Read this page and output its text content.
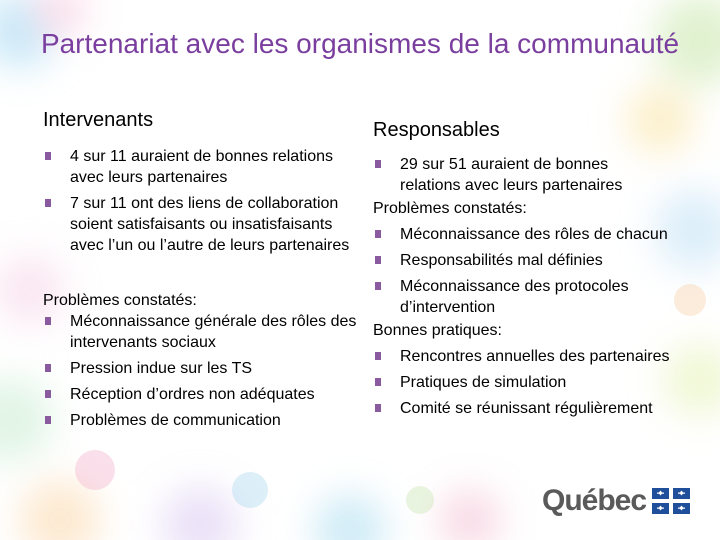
Partenariat avec les organismes de la communauté
Intervenants
4 sur 11 auraient de bonnes relations avec leurs partenaires
7 sur 11 ont des liens de collaboration soient satisfaisants ou insatisfaisants avec l’un ou l’autre de leurs partenaires
Problèmes constatés:
Méconnaissance générale des rôles des intervenants sociaux
Pression indue sur les TS
Réception d’ordres non adéquates
Problèmes de communication
Responsables
29 sur 51 auraient de bonnes relations avec leurs partenaires
Problèmes constatés:
Méconnaissance des rôles de chacun
Responsabilités mal définies
Méconnaissance des protocoles d’intervention
Bonnes pratiques:
Rencontres annuelles des partenaires
Pratiques de simulation
Comité se réunissant régulièrement
Québec
